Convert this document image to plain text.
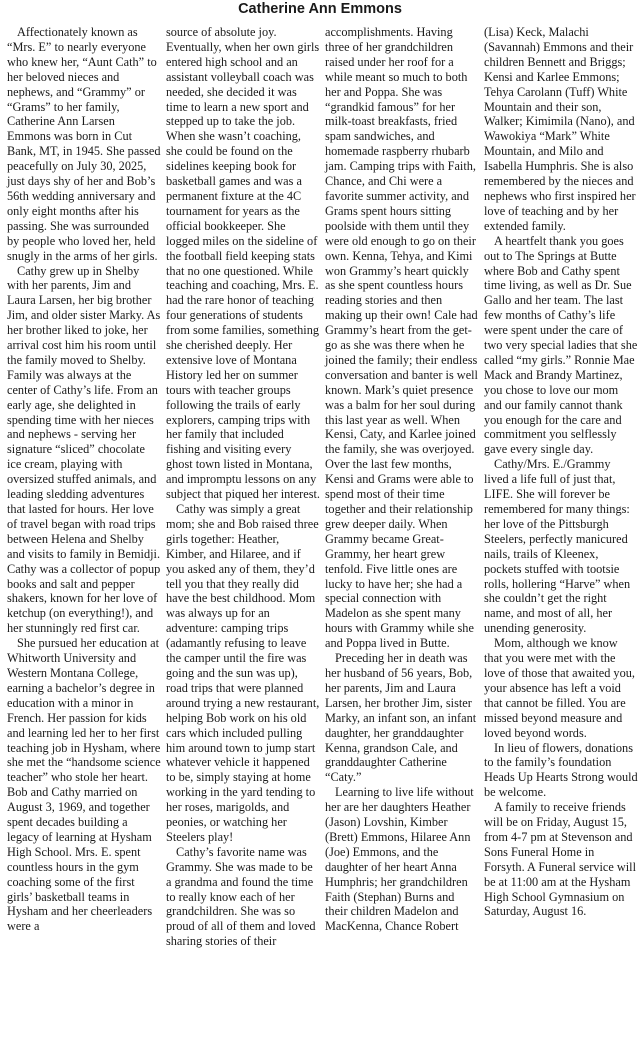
Catherine Ann Emmons

Affectionately known as “Mrs. E” to nearly everyone who knew her, “Aunt Cath” to her beloved nieces and nephews, and “Grammy” or “Grams” to her family, Catherine Ann Larsen Emmons was born in Cut Bank, MT, in 1945. She passed peacefully on July 30, 2025, just days shy of her and Bob’s 56th wedding anniversary and only eight months after his passing. She was surrounded by people who loved her, held snugly in the arms of her girls.

Cathy grew up in Shelby with her parents, Jim and Laura Larsen, her big brother Jim, and older sister Marky. As her brother liked to joke, her arrival cost him his room until the family moved to Shelby. Family was always at the center of Cathy’s life. From an early age, she delighted in spending time with her nieces and nephews - serving her signature “sliced” chocolate ice cream, playing with oversized stuffed animals, and leading sledding adventures that lasted for hours. Her love of travel began with road trips between Helena and Shelby and visits to family in Bemidji. Cathy was a collector of popup books and salt and pepper shakers, known for her love of ketchup (on everything!), and her stunningly red first car.

She pursued her education at Whitworth University and Western Montana College, earning a bachelor’s degree in education with a minor in French. Her passion for kids and learning led her to her first teaching job in Hysham, where she met the “handsome science teacher” who stole her heart. Bob and Cathy married on August 3, 1969, and together spent decades building a legacy of learning at Hysham High School. Mrs. E. spent countless hours in the gym coaching some of the first girls’ basketball teams in Hysham and her cheerleaders were a

source of absolute joy. Eventually, when her own girls entered high school and an assistant volleyball coach was needed, she decided it was time to learn a new sport and stepped up to take the job. When she wasn’t coaching, she could be found on the sidelines keeping book for basketball games and was a permanent fixture at the 4C tournament for years as the official bookkeeper. She logged miles on the sideline of the football field keeping stats that no one questioned. While teaching and coaching, Mrs. E. had the rare honor of teaching four generations of students from some families, something she cherished deeply. Her extensive love of Montana History led her on summer tours with teacher groups following the trails of early explorers, camping trips with her family that included fishing and visiting every ghost town listed in Montana, and impromptu lessons on any subject that piqued her interest.

Cathy was simply a great mom; she and Bob raised three girls together: Heather, Kimber, and Hilaree, and if you asked any of them, they’d tell you that they really did have the best childhood. Mom was always up for an adventure: camping trips (adamantly refusing to leave the camper until the fire was going and the sun was up), road trips that were planned around trying a new restaurant, helping Bob work on his old cars which included pulling him around town to jump start whatever vehicle it happened to be, simply staying at home working in the yard tending to her roses, marigolds, and peonies, or watching her Steelers play!

Cathy’s favorite name was Grammy. She was made to be a grandma and found the time to really know each of her grandchildren. She was so proud of all of them and loved sharing stories of their

accomplishments. Having three of her grandchildren raised under her roof for a while meant so much to both her and Poppa. She was “grandkid famous” for her milk-toast breakfasts, fried spam sandwiches, and homemade raspberry rhubarb jam. Camping trips with Faith, Chance, and Chi were a favorite summer activity, and Grams spent hours sitting poolside with them until they were old enough to go on their own. Kenna, Tehya, and Kimi won Grammy’s heart quickly as she spent countless hours reading stories and then making up their own! Cale had Grammy’s heart from the get-go as she was there when he joined the family; their endless conversation and banter is well known. Mark’s quiet presence was a balm for her soul during this last year as well. When Kensi, Caty, and Karlee joined the family, she was overjoyed. Over the last few months, Kensi and Grams were able to spend most of their time together and their relationship grew deeper daily. When Grammy became Great-Grammy, her heart grew tenfold. Five little ones are lucky to have her; she had a special connection with Madelon as she spent many hours with Grammy while she and Poppa lived in Butte.

Preceding her in death was her husband of 56 years, Bob, her parents, Jim and Laura Larsen, her brother Jim, sister Marky, an infant son, an infant daughter, her granddaughter Kenna, grandson Cale, and granddaughter Catherine “Caty.”

Learning to live life without her are her daughters Heather (Jason) Lovshin, Kimber (Brett) Emmons, Hilaree Ann (Joe) Emmons, and the daughter of her heart Anna Humphris; her grandchildren Faith (Stephan) Burns and their children Madelon and MacKenna, Chance Robert

(Lisa) Keck, Malachi (Savannah) Emmons and their children Bennett and Briggs; Kensi and Karlee Emmons; Tehya Carolann (Tuff) White Mountain and their son, Walker; Kimimila (Nano), and Wawokiya “Mark” White Mountain, and Milo and Isabella Humphris. She is also remembered by the nieces and nephews who first inspired her love of teaching and by her extended family.

A heartfelt thank you goes out to The Springs at Butte where Bob and Cathy spent time living, as well as Dr. Sue Gallo and her team. The last few months of Cathy’s life were spent under the care of two very special ladies that she called “my girls.” Ronnie Mae Mack and Brandy Martinez, you chose to love our mom and our family cannot thank you enough for the care and commitment you selflessly gave every single day.

Cathy/Mrs. E./Grammy lived a life full of just that, LIFE. She will forever be remembered for many things: her love of the Pittsburgh Steelers, perfectly manicured nails, trails of Kleenex, pockets stuffed with tootsie rolls, hollering “Harve” when she couldn’t get the right name, and most of all, her unending generosity.

Mom, although we know that you were met with the love of those that awaited you, your absence has left a void that cannot be filled. You are missed beyond measure and loved beyond words.

In lieu of flowers, donations to the family’s foundation Heads Up Hearts Strong would be welcome.

A family to receive friends will be on Friday, August 15, from 4-7 pm at Stevenson and Sons Funeral Home in Forsyth. A Funeral service will be at 11:00 am at the Hysham High School Gymnasium on Saturday, August 16.
